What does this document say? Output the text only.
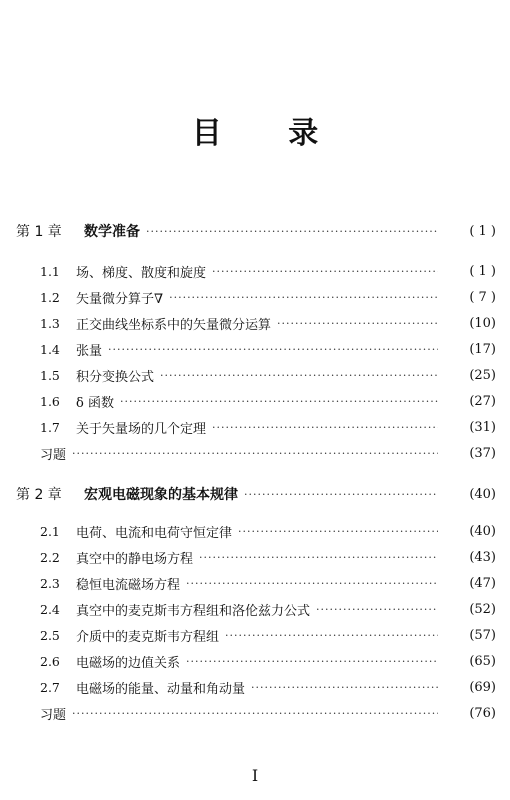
目 录
第 1 章	数学准备 ·····	( 1 )
1.1	场、梯度、散度和旋度 ·····	( 1 )
1.2	矢量微分算子∇ ·····	( 7 )
1.3	正交曲线坐标系中的矢量微分运算 ·····	(10)
1.4	张量 ·····	(17)
1.5	积分变换公式 ·····	(25)
1.6	δ 函数 ·····	(27)
1.7	关于矢量场的几个定理 ·····	(31)
习题 ·····	(37)
第 2 章	宏观电磁现象的基本规律 ·····	(40)
2.1	电荷、电流和电荷守恒定律 ·····	(40)
2.2	真空中的静电场方程 ·····	(43)
2.3	稳恒电流磁场方程 ·····	(47)
2.4	真空中的麦克斯韦方程组和洛伦兹力公式 ·····	(52)
2.5	介质中的麦克斯韦方程组 ·····	(57)
2.6	电磁场的边值关系 ·····	(65)
2.7	电磁场的能量、动量和角动量 ·····	(69)
习题 ·····	(76)
I
